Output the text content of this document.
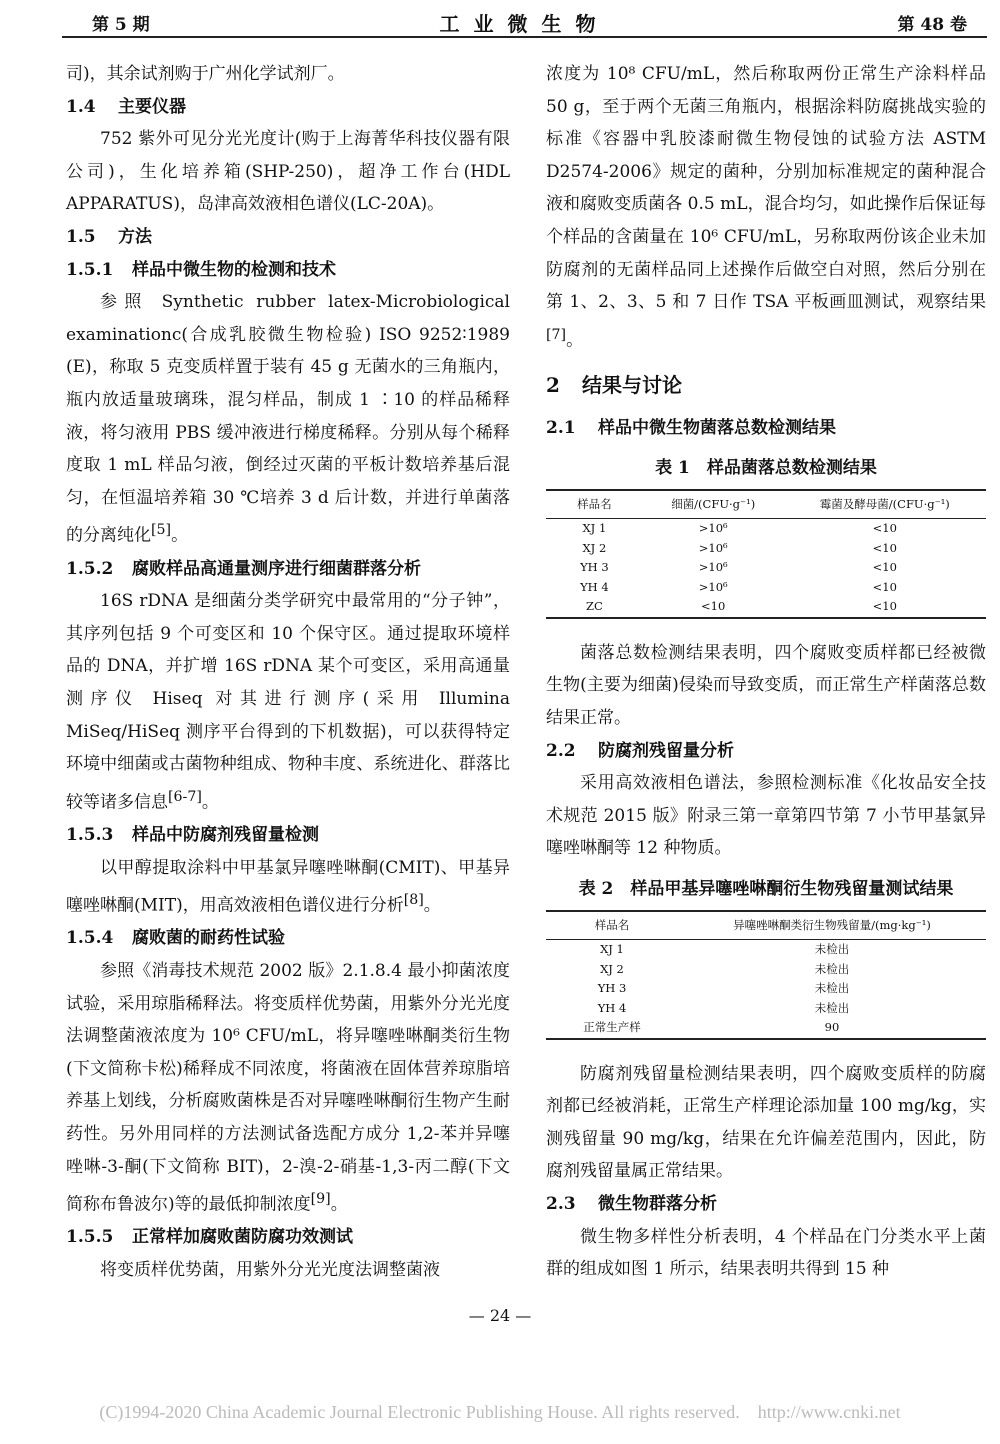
第 5 期	工业微生物	第 48 卷

司)，其余试剂购于广州化学试剂厂。

1.4 主要仪器

752 紫外可见分光光度计(购于上海菁华科技仪器有限公司)，生化培养箱(SHP-250)，超净工作台(HDL APPARATUS)，岛津高效液相色谱仪(LC-20A)。

1.5 方法
1.5.1 样品中微生物的检测和技术

参照 Synthetic rubber latex-Microbiological examinationc(合成乳胶微生物检验) ISO 9252∶1989 (E)，称取 5 克变质样置于装有 45 g 无菌水的三角瓶内，瓶内放适量玻璃珠，混匀样品，制成 1 ∶10 的样品稀释液，将匀液用 PBS 缓冲液进行梯度稀释。分别从每个稀释度取 1 mL 样品匀液，倒经过灭菌的平板计数培养基后混匀，在恒温培养箱 30 ℃培养 3 d 后计数，并进行单菌落的分离纯化[5]。

1.5.2 腐败样品高通量测序进行细菌群落分析

16S rDNA 是细菌分类学研究中最常用的“分子钟”，其序列包括 9 个可变区和 10 个保守区。通过提取环境样品的 DNA，并扩增 16S rDNA 某个可变区，采用高通量测序仪 Hiseq 对其进行测序(采用 Illumina MiSeq/HiSeq 测序平台得到的下机数据)，可以获得特定环境中细菌或古菌物种组成、物种丰度、系统进化、群落比较等诸多信息[6-7]。

1.5.3 样品中防腐剂残留量检测

以甲醇提取涂料中甲基氯异噻唑啉酮(CMIT)、甲基异噻唑啉酮(MIT)，用高效液相色谱仪进行分析[8]。

1.5.4 腐败菌的耐药性试验

参照《消毒技术规范 2002 版》2.1.8.4 最小抑菌浓度试验，采用琼脂稀释法。将变质样优势菌，用紫外分光光度法调整菌液浓度为 10⁶ CFU/mL，将异噻唑啉酮类衍生物(下文简称卡松)稀释成不同浓度，将菌液在固体营养琼脂培养基上划线，分析腐败菌株是否对异噻唑啉酮衍生物产生耐药性。另外用同样的方法测试备选配方成分 1,2-苯并异噻唑啉-3-酮(下文简称 BIT)，2-溴-2-硝基-1,3-丙二醇(下文简称布鲁波尔)等的最低抑制浓度[9]。

1.5.5 正常样加腐败菌防腐功效测试

将变质样优势菌，用紫外分光光度法调整菌液

浓度为 10⁸ CFU/mL，然后称取两份正常生产涂料样品 50 g，至于两个无菌三角瓶内，根据涂料防腐挑战实验的标准《容器中乳胶漆耐微生物侵蚀的试验方法 ASTM D2574-2006》规定的菌种，分别加标准规定的菌种混合液和腐败变质菌各 0.5 mL，混合均匀，如此操作后保证每个样品的含菌量在 10⁶ CFU/mL，另称取两份该企业未加防腐剂的无菌样品同上述操作后做空白对照，然后分别在第 1、2、3、5 和 7 日作 TSA 平板画皿测试，观察结果[7]。

2 结果与讨论
2.1 样品中微生物菌落总数检测结果
表 1　样品菌落总数检测结果
样品名	细菌/(CFU·g⁻¹)	霉菌及酵母菌/(CFU·g⁻¹)
XJ 1	>10⁶	<10
XJ 2	>10⁶	<10
YH 3	>10⁶	<10
YH 4	>10⁶	<10
ZC	<10	<10

菌落总数检测结果表明，四个腐败变质样都已经被微生物(主要为细菌)侵染而导致变质，而正常生产样菌落总数结果正常。

2.2 防腐剂残留量分析

采用高效液相色谱法，参照检测标准《化妆品安全技术规范 2015 版》附录三第一章第四节第 7 小节甲基氯异噻唑啉酮等 12 种物质。

表 2　样品甲基异噻唑啉酮衍生物残留量测试结果
样品名	异噻唑啉酮类衍生物残留量/(mg·kg⁻¹)
XJ 1	未检出
XJ 2	未检出
YH 3	未检出
YH 4	未检出
正常生产样	90

防腐剂残留量检测结果表明，四个腐败变质样的防腐剂都已经被消耗，正常生产样理论添加量 100 mg/kg，实测残留量 90 mg/kg，结果在允许偏差范围内，因此，防腐剂残留量属正常结果。

2.3 微生物群落分析

微生物多样性分析表明，4 个样品在门分类水平上菌群的组成如图 1 所示，结果表明共得到 15 种

— 24 —
(C)1994-2020 China Academic Journal Electronic Publishing House. All rights reserved.　http://www.cnki.net
